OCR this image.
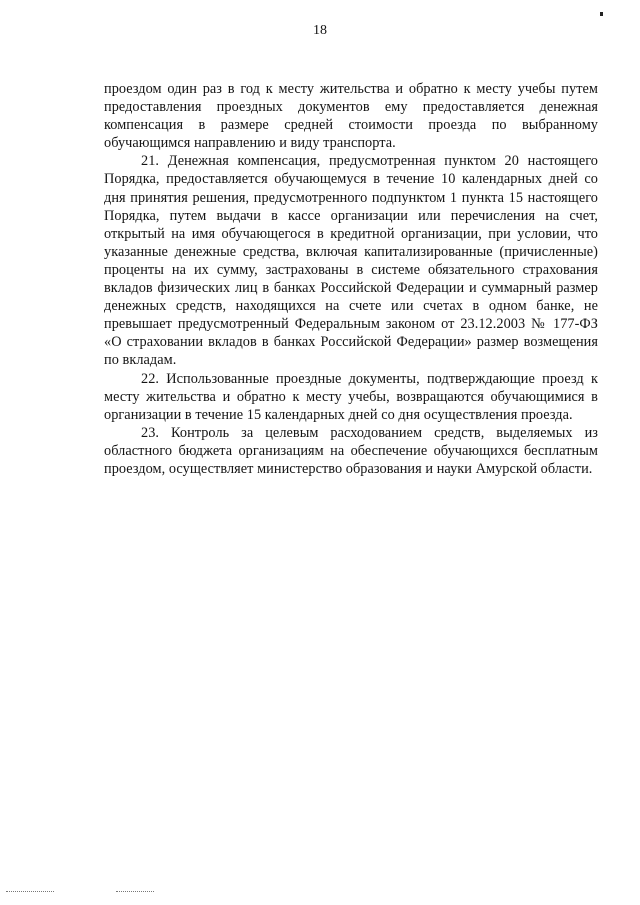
18

проездом один раз в год к месту жительства и обратно к месту учебы путем предоставления проездных документов ему предоставляется денежная компенсация в размере средней стоимости проезда по выбранному обучающимся направлению и виду транспорта.

21. Денежная компенсация, предусмотренная пунктом 20 настоящего Порядка, предоставляется обучающемуся в течение 10 календарных дней со дня принятия решения, предусмотренного подпунктом 1 пункта 15 настоящего Порядка, путем выдачи в кассе организации или перечисления на счет, открытый на имя обучающегося в кредитной организации, при условии, что указанные денежные средства, включая капитализированные (причисленные) проценты на их сумму, застрахованы в системе обязательного страхования вкладов физических лиц в банках Российской Федерации и суммарный размер денежных средств, находящихся на счете или счетах в одном банке, не превышает предусмотренный Федеральным законом от 23.12.2003 № 177-ФЗ «О страховании вкладов в банках Российской Федерации» размер возмещения по вкладам.

22. Использованные проездные документы, подтверждающие проезд к месту жительства и обратно к месту учебы, возвращаются обучающимися в организации в течение 15 календарных дней со дня осуществления проезда.

23. Контроль за целевым расходованием средств, выделяемых из областного бюджета организациям на обеспечение обучающихся бесплатным проездом, осуществляет министерство образования и науки Амурской области.
